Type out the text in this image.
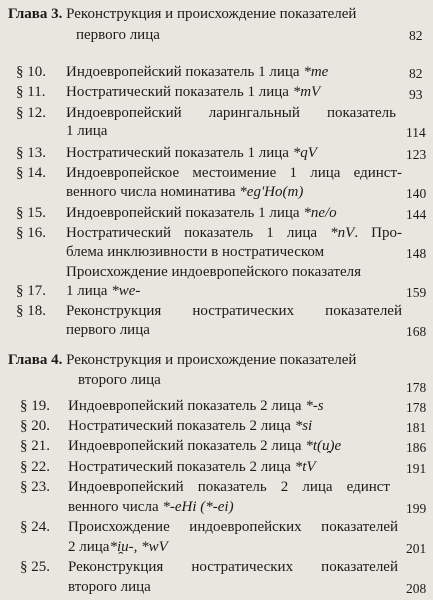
Глава 3. Реконструкция и происхождение показателей
первого лица	82
§ 10. Индоевропейский показатель 1 лица *me	82
§ 11. Ностратический показатель 1 лица *mV	93
§ 12. Индоевропейский ларингальный показатель
1 лица	114
§ 13. Ностратический показатель 1 лица *qV	123
§ 14. Индоевропейское местоимение 1 лица единст-
венного числа номинатива *eg'Ho(m)	140
§ 15. Индоевропейский показатель 1 лица *ne/o	144
§ 16. Ностратический показатель 1 лица *nV. Про-
блема инклюзивности в ностратическом	148
Происхождение индоевропейского показателя
§ 17. 1 лица *we-	159
§ 18. Реконструкция ностратических показателей
первого лица	168
Глава 4. Реконструкция и происхождение показателей
второго лица	178
§ 19. Индоевропейский показатель 2 лица *-s	178
§ 20. Ностратический показатель 2 лица *si	181
§ 21. Индоевропейский показатель 2 лица *t(u̯)e	186
§ 22. Ностратический показатель 2 лица *tV	191
§ 23. Индоевропейский показатель 2 лица единст
венного числа *-eHi (*-ei)	199
§ 24. Происхождение индоевропейских показателей
2 лица*i̯u-, *wV	201
§ 25. Реконструкция ностратических показателей
второго лица	208
